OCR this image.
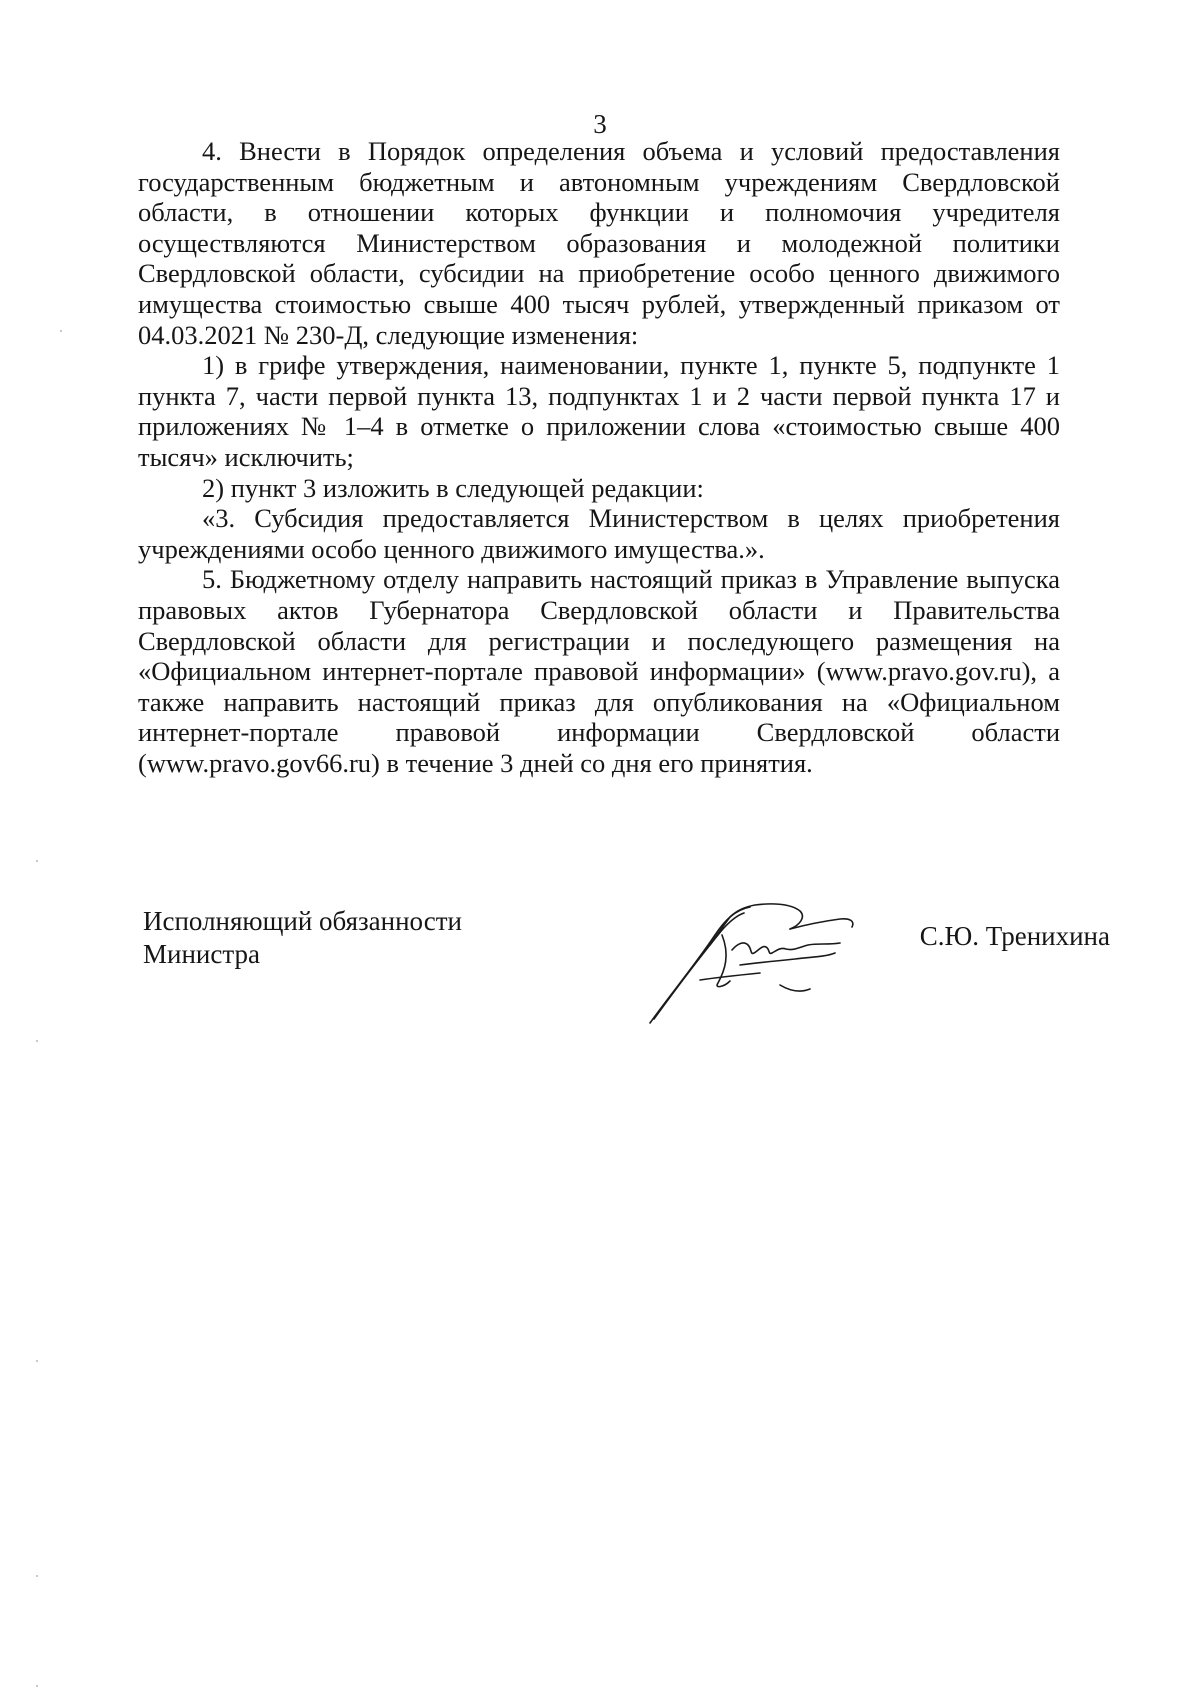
3

4. Внести в Порядок определения объема и условий предоставления государственным бюджетным и автономным учреждениям Свердловской области, в отношении которых функции и полномочия учредителя осуществляются Министерством образования и молодежной политики Свердловской области, субсидии на приобретение особо ценного движимого имущества стоимостью свыше 400 тысяч рублей, утвержденный приказом от 04.03.2021 № 230-Д, следующие изменения:

1) в грифе утверждения, наименовании, пункте 1, пункте 5, подпункте 1 пункта 7, части первой пункта 13, подпунктах 1 и 2 части первой пункта 17 и приложениях № 1–4 в отметке о приложении слова «стоимостью свыше 400 тысяч» исключить;

2) пункт 3 изложить в следующей редакции:

«3. Субсидия предоставляется Министерством в целях приобретения учреждениями особо ценного движимого имущества.».

5. Бюджетному отделу направить настоящий приказ в Управление выпуска правовых актов Губернатора Свердловской области и Правительства Свердловской области для регистрации и последующего размещения на «Официальном интернет-портале правовой информации» (www.pravo.gov.ru), а также направить настоящий приказ для опубликования на «Официальном интернет-портале правовой информации Свердловской области (www.pravo.gov66.ru) в течение 3 дней со дня его принятия.

Исполняющий обязанности
Министра
С.Ю. Тренихина
